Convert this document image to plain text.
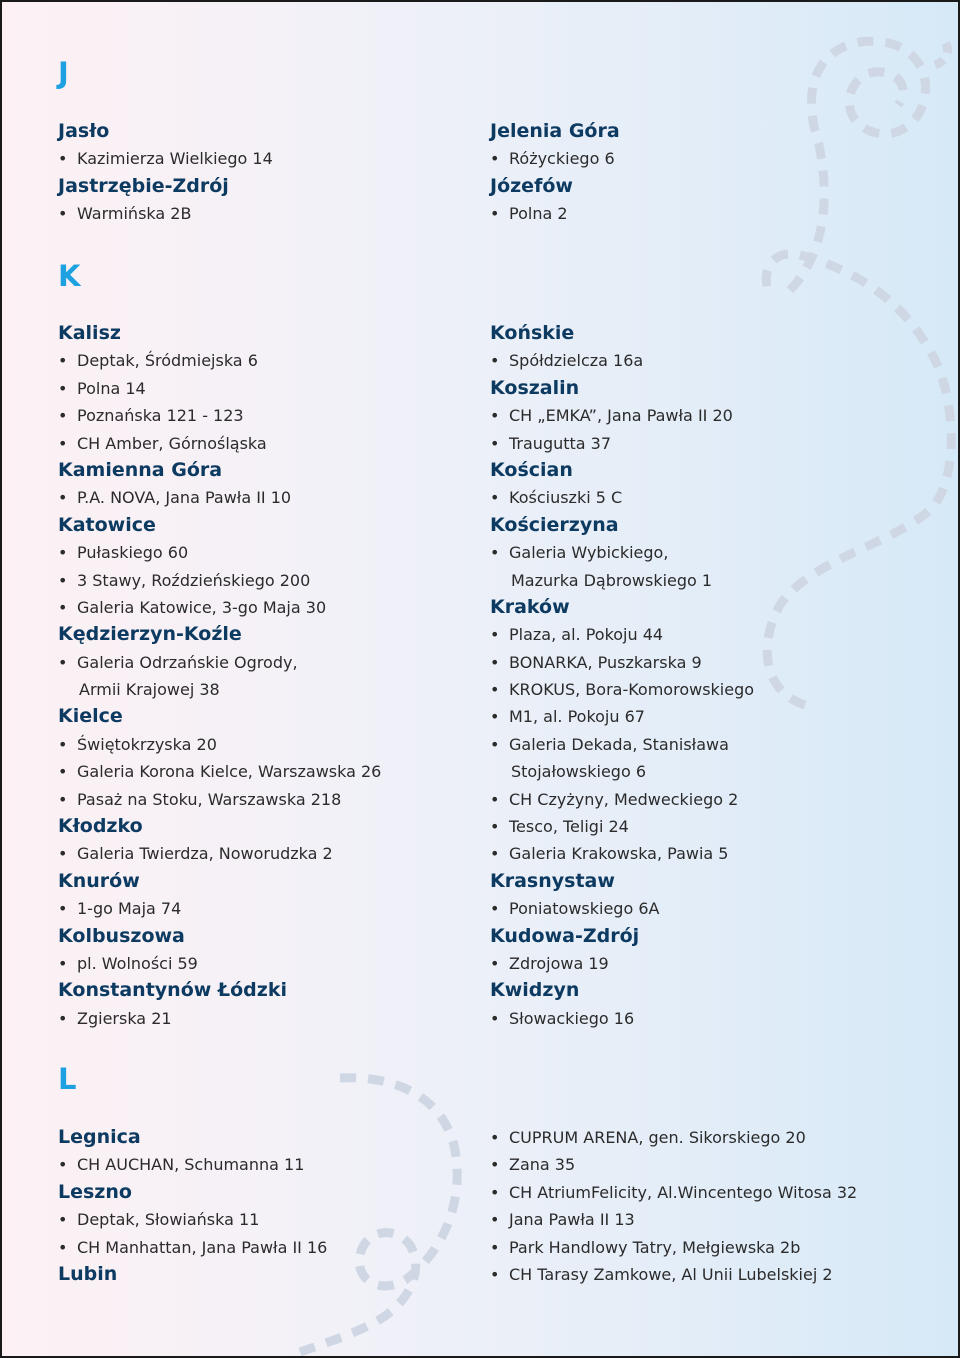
J
Jasło
• Kazimierza Wielkiego 14
Jastrzębie-Zdrój
• Warmińska 2B
Jelenia Góra
• Różyckiego 6
Józefów
• Polna 2
K
Kalisz
• Deptak, Śródmiejska 6
• Polna 14
• Poznańska 121 - 123
• CH Amber, Górnośląska
Kamienna Góra
• P.A. NOVA, Jana Pawła II 10
Katowice
• Pułaskiego 60
• 3 Stawy, Roździeńskiego 200
• Galeria Katowice, 3-go Maja 30
Kędzierzyn-Koźle
• Galeria Odrzańskie Ogrody,
Armii Krajowej 38
Kielce
• Świętokrzyska 20
• Galeria Korona Kielce, Warszawska 26
• Pasaż na Stoku, Warszawska 218
Kłodzko
• Galeria Twierdza, Noworudzka 2
Knurów
• 1-go Maja 74
Kolbuszowa
• pl. Wolności 59
Konstantynów Łódzki
• Zgierska 21
Końskie
• Spółdzielcza 16a
Koszalin
• CH „EMKA”, Jana Pawła II 20
• Traugutta 37
Kościan
• Kościuszki 5 C
Kościerzyna
• Galeria Wybickiego,
Mazurka Dąbrowskiego 1
Kraków
• Plaza, al. Pokoju 44
• BONARKA, Puszkarska 9
• KROKUS, Bora-Komorowskiego
• M1, al. Pokoju 67
• Galeria Dekada, Stanisława
Stojałowskiego 6
• CH Czyżyny, Medweckiego 2
• Tesco, Teligi 24
• Galeria Krakowska, Pawia 5
Krasnystaw
• Poniatowskiego 6A
Kudowa-Zdrój
• Zdrojowa 19
Kwidzyn
• Słowackiego 16
L
Legnica
• CH AUCHAN, Schumanna 11
Leszno
• Deptak, Słowiańska 11
• CH Manhattan, Jana Pawła II 16
Lubin
• CUPRUM ARENA, gen. Sikorskiego 20
• Zana 35
• CH AtriumFelicity, Al.Wincentego Witosa 32
• Jana Pawła II 13
• Park Handlowy Tatry, Mełgiewska 2b
• CH Tarasy Zamkowe, Al Unii Lubelskiej 2
